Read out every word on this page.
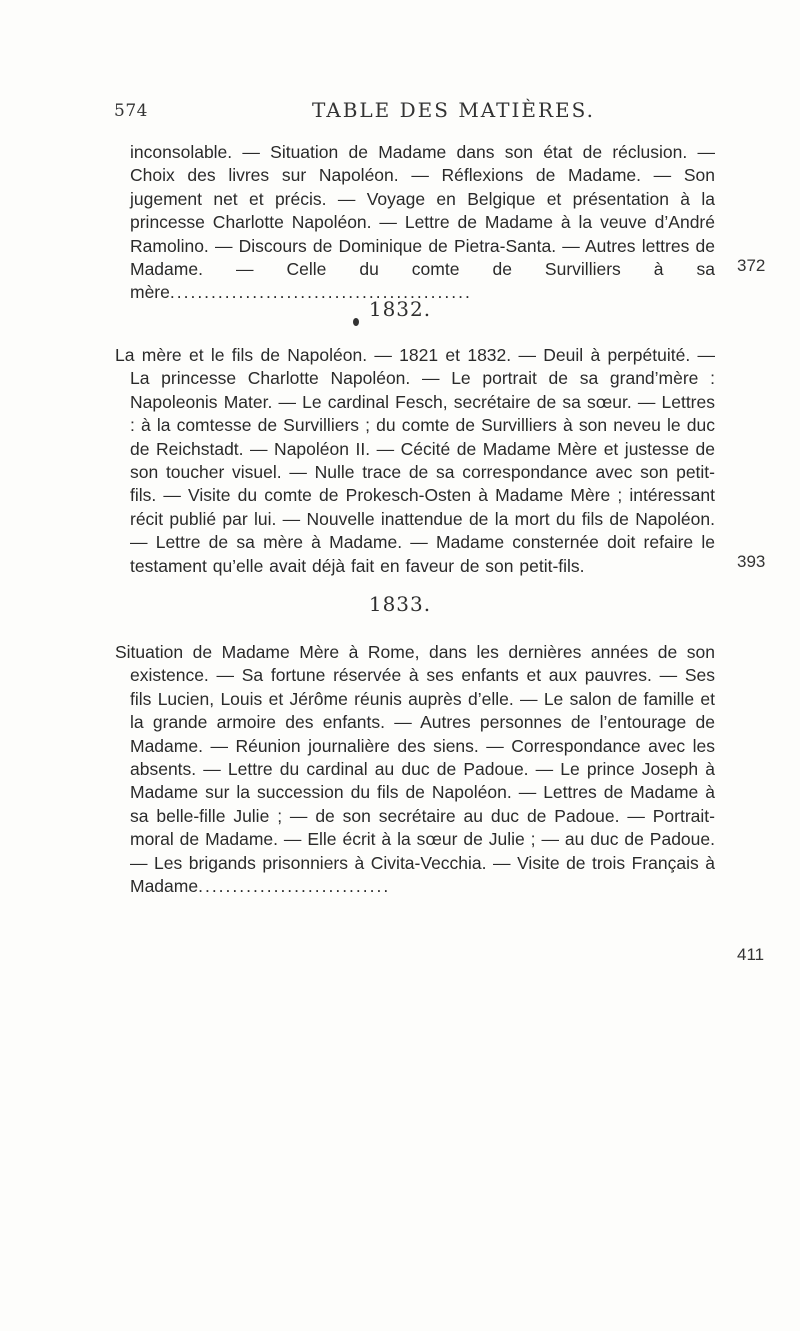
574	TABLE DES MATIÈRES.
inconsolable. — Situation de Madame dans son état de réclusion. — Choix des livres sur Napoléon. — Réflexions de Madame. — Son jugement net et précis. — Voyage en Belgique et présentation à la princesse Charlotte Napoléon. — Lettre de Madame à la veuve d’André Ramolino. — Discours de Dominique de Pietra-Santa. — Autres lettres de Madame. — Celle du comte de Survilliers à sa mère............................................
372
1832.
La mère et le fils de Napoléon. — 1821 et 1832. — Deuil à perpétuité. — La princesse Charlotte Napoléon. — Le portrait de sa grand’mère : Napoleonis Mater. — Le cardinal Fesch, secrétaire de sa sœur. — Lettres : à la comtesse de Survilliers ; du comte de Survilliers à son neveu le duc de Reichstadt. — Napoléon II. — Cécité de Madame Mère et justesse de son toucher visuel. — Nulle trace de sa correspondance avec son petit-fils. — Visite du comte de Prokesch-Osten à Madame Mère ; intéressant récit publié par lui. — Nouvelle inattendue de la mort du fils de Napoléon. — Lettre de sa mère à Madame. — Madame consternée doit refaire le testament qu’elle avait déjà fait en faveur de son petit-fils.	393
1833.
Situation de Madame Mère à Rome, dans les dernières années de son existence. — Sa fortune réservée à ses enfants et aux pauvres. — Ses fils Lucien, Louis et Jérôme réunis auprès d’elle. — Le salon de famille et la grande armoire des enfants. — Autres personnes de l’entourage de Madame. — Réunion journalière des siens. — Correspondance avec les absents. — Lettre du cardinal au duc de Padoue. — Le prince Joseph à Madame sur la succession du fils de Napoléon. — Lettres de Madame à sa belle-fille Julie ; — de son secrétaire au duc de Padoue. — Portrait-moral de Madame. — Elle écrit à la sœur de Julie ; — au duc de Padoue. — Les brigands prisonniers à Civita-Vecchia. — Visite de trois Français à Madame............................
411
